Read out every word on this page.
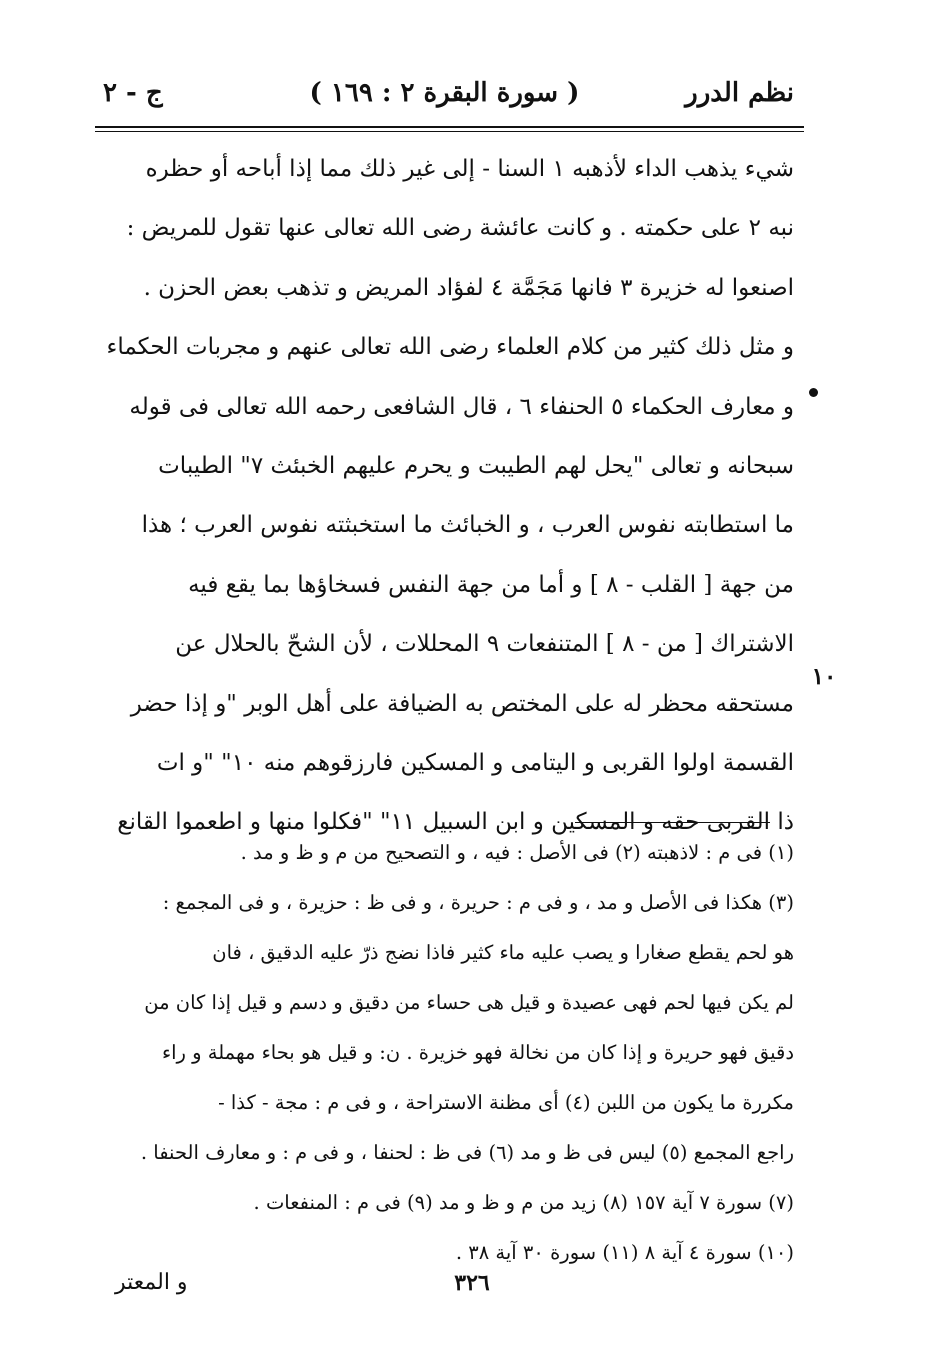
نظم الدرر
( سورة البقرة ٢ : ١٦٩ )
ج - ٢
شيء يذهب الداء لأذهبه ١ السنا - إلى غير ذلك مما إذا أباحه أو حظره
نبه ٢ على حكمته . و كانت عائشة رضى الله تعالى عنها تقول للمريض :
اصنعوا له خزيرة ٣ فانها مَجَمَّة ٤ لفؤاد المريض و تذهب بعض الحزن .
و مثل ذلك كثير من كلام العلماء رضى الله تعالى عنهم و مجربات الحكماء
و معارف الحكماء ٥ الحنفاء ٦ ، قال الشافعى رحمه الله تعالى فى قوله
سبحانه و تعالى "يحل لهم الطيبت و يحرم عليهم الخبئث ٧" الطيبات
ما استطابته نفوس العرب ، و الخبائث ما استخبثته نفوس العرب ؛ هذا
من جهة [ القلب - ٨ ] و أما من جهة النفس فسخاؤها بما يقع فيه
الاشتراك [ من - ٨ ] المتنفعات ٩ المحللات ، لأن الشحّ بالحلال عن
مستحقه محظر له على المختص به الضيافة على أهل الوبر "و إذا حضر
القسمة اولوا القربى و اليتامى و المسكين فارزقوهم منه ١٠" "و ات
ذا القربى حقه و المسكين و ابن السبيل ١١" "فكلوا منها و اطعموا القانع
١٠
(١) فى م : لاذهبته (٢) فى الأصل : فيه ، و التصحيح من م و ظ و مد .
(٣) هكذا فى الأصل و مد ، و فى م : حريرة ، و فى ظ : حزيرة ، و فى المجمع :
هو لحم يقطع صغارا و يصب عليه ماء كثير فاذا نضج ذرّ عليه الدقيق ، فان
لم يكن فيها لحم فهى عصيدة و قيل هى حساء من دقيق و دسم و قيل إذا كان من
دقيق فهو حريرة و إذا كان من نخالة فهو خزيرة . ن: و قيل هو بحاء مهملة و راء
مكررة ما يكون من اللبن (٤) أى مظنة الاستراحة ، و فى م : مجة - كذا -
راجع المجمع (٥) ليس فى ظ و مد (٦) فى ظ : لحنفا ، و فى م : و معارف الحنفا .
(٧) سورة ٧ آية ١٥٧ (٨) زيد من م و ظ و مد (٩) فى م : المنفعات .
(١٠) سورة ٤ آية ٨ (١١) سورة ٣٠ آية ٣٨ .
٣٢٦
و المعتر
